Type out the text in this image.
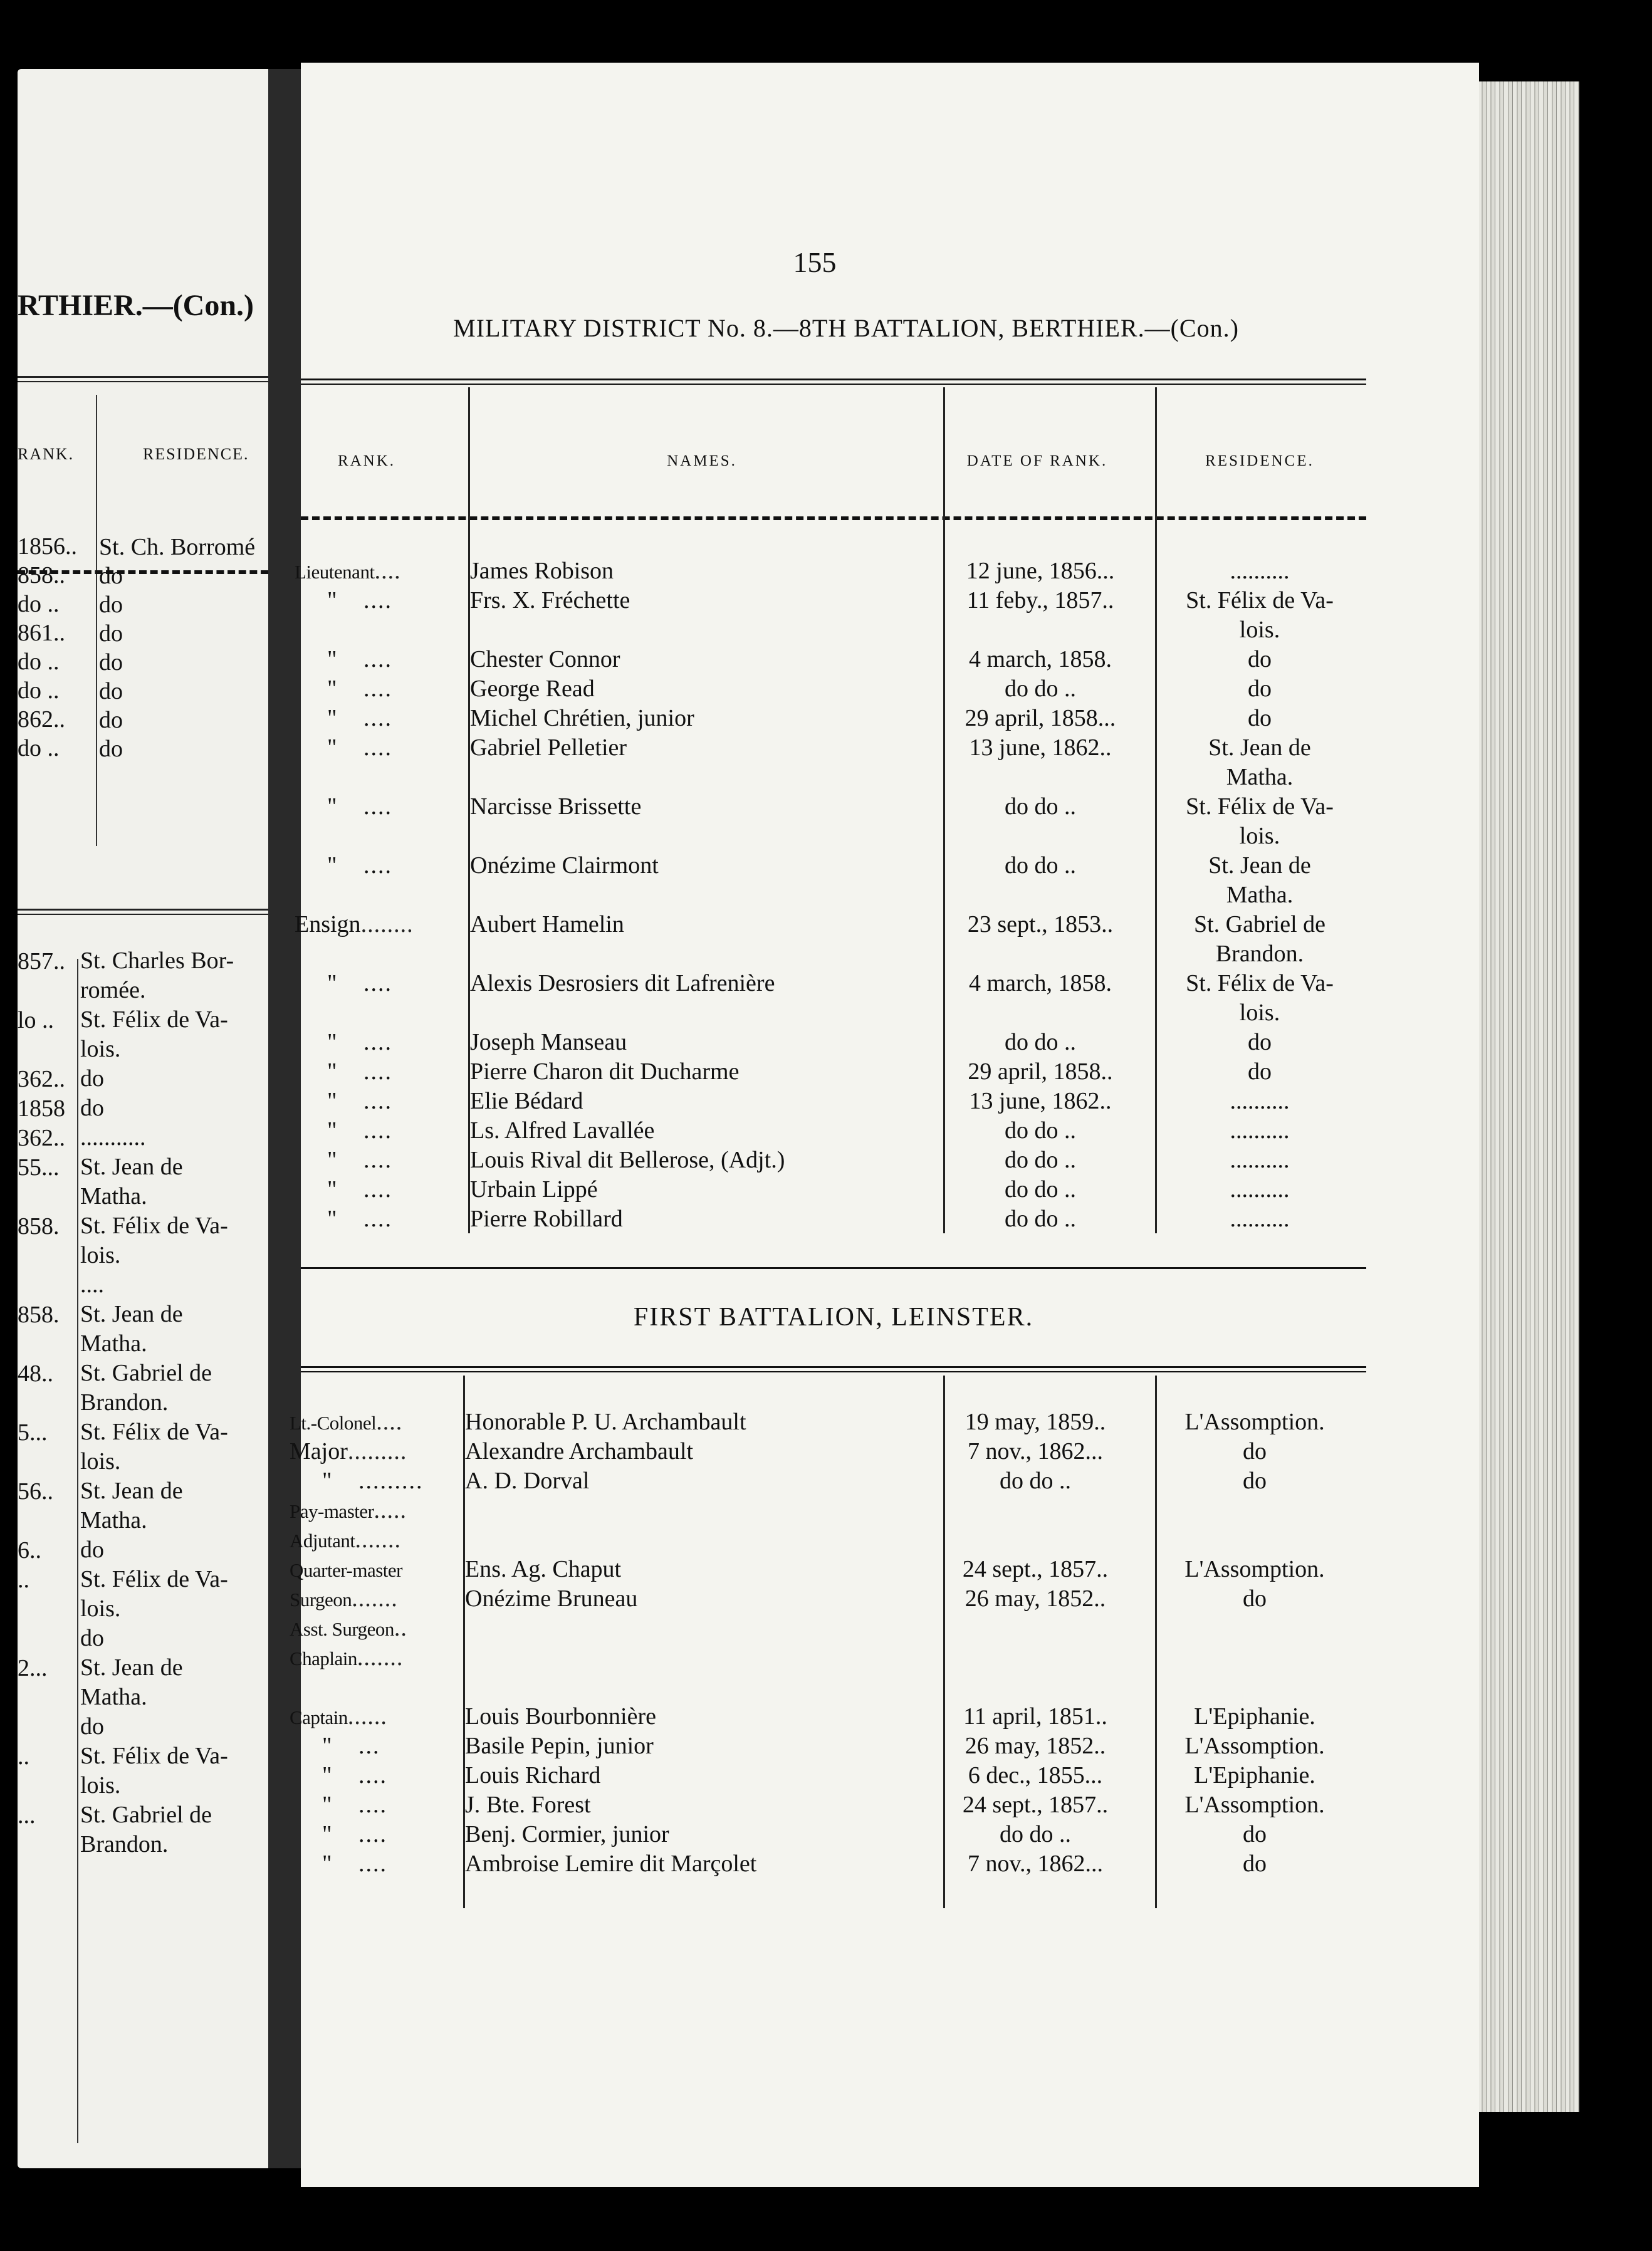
RTHIER.—(Con.)
RANK.	RESIDENCE.
1856.. St. Ch. Borromé
858.. do
do .. do
861.. do
do .. do
do .. do
862.. do
do .. do
857.. St. Charles Bor-
romée.
lo .. St. Félix de Va-
lois.
362.. do
1858 do
362.. ...........
55... St. Jean de
Matha.
858. St. Félix de Va-
lois.
....
858. St. Jean de
Matha.
48.. St. Gabriel de
Brandon.
5... St. Félix de Va-
lois.
56.. St. Jean de
Matha.
6.. do
.. St. Félix de Va-
lois.
do
2... St. Jean de
Matha.
do
.. St. Félix de Va-
lois.
... St. Gabriel de
Brandon.
155
MILITARY DISTRICT No. 8.—8TH BATTALION, BERTHIER.—(Con.)
RANK.	NAMES.	DATE OF RANK.	RESIDENCE.
Lieutenant....	James Robison	12 june, 1856...	..........
" ....	Frs. X. Fréchette	11 feby., 1857..	St. Félix de Va-
lois.
" ....	Chester Connor	4 march, 1858.	do
" ....	George Read	do do ..	do
" ....	Michel Chrétien, junior	29 april, 1858...	do
" ....	Gabriel Pelletier	13 june, 1862..	St. Jean de
Matha.
" ....	Narcisse Brissette	do do ..	St. Félix de Va-
lois.
" ....	Onézime Clairmont	do do ..	St. Jean de
Matha.
Ensign........	Aubert Hamelin	23 sept., 1853..	St. Gabriel de
Brandon.
" ....	Alexis Desrosiers dit Lafrenière	4 march, 1858.	St. Félix de Va-
lois.
" ....	Joseph Manseau	do do ..	do
" ....	Pierre Charon dit Ducharme	29 april, 1858..	do
" ....	Elie Bédard	13 june, 1862..	..........
" ....	Ls. Alfred Lavallée	do do ..	..........
" ....	Louis Rival dit Bellerose, (Adjt.)	do do ..	..........
" ....	Urbain Lippé	do do ..	..........
" ....	Pierre Robillard	do do ..	..........
FIRST BATTALION, LEINSTER.
Lt.-Colonel....	Honorable P. U. Archambault	19 may, 1859..	L'Assomption.
Major.........	Alexandre Archambault	7 nov., 1862...	do
" ......... A. D. Dorval	do do ..	do
Pay-master.....
Adjutant.......
Quarter-master	Ens. Ag. Chaput	24 sept., 1857..	L'Assomption.
Surgeon.......	Onézime Bruneau	26 may, 1852..	do
Asst. Surgeon..
Chaplain.......
Captain......	Louis Bourbonnière	11 april, 1851..	L'Epiphanie.
" ...	Basile Pepin, junior	26 may, 1852..	L'Assomption.
" ....	Louis Richard	6 dec., 1855...	L'Epiphanie.
" ....	J. Bte. Forest	24 sept., 1857..	L'Assomption.
" ....	Benj. Cormier, junior	do do ..	do
" ....	Ambroise Lemire dit Marçolet	7 nov., 1862...	do
